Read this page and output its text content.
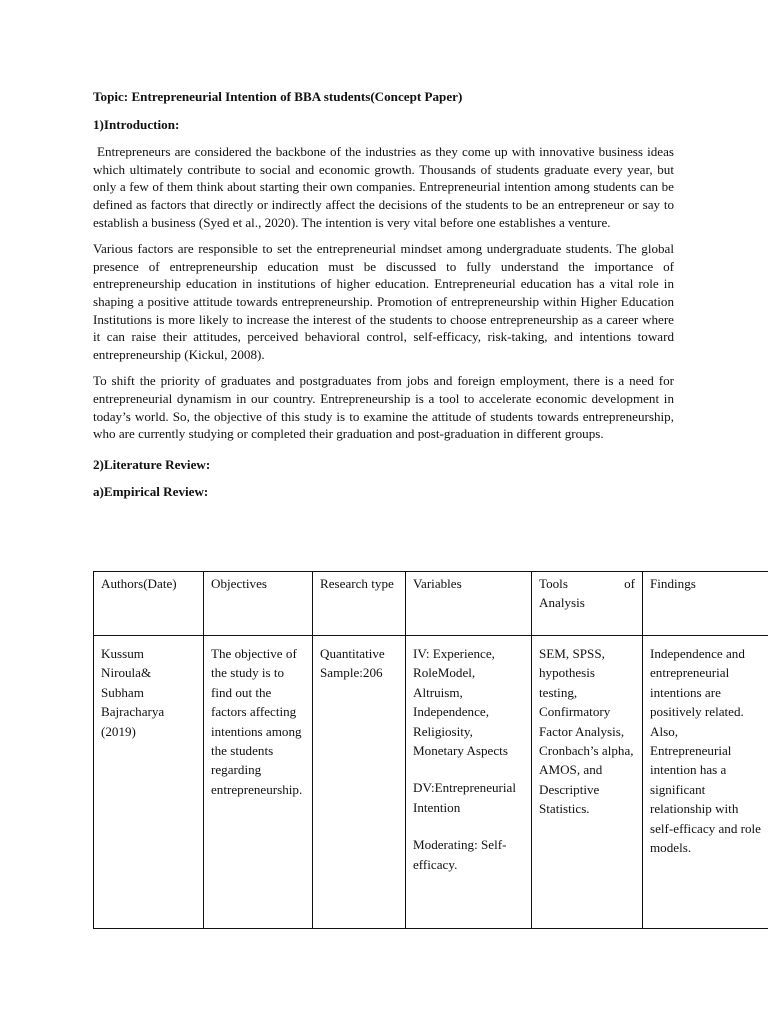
Topic: Entrepreneurial Intention of BBA students(Concept Paper)

1)Introduction:

Entrepreneurs are considered the backbone of the industries as they come up with innovative business ideas which ultimately contribute to social and economic growth. Thousands of students graduate every year, but only a few of them think about starting their own companies. Entrepreneurial intention among students can be defined as factors that directly or indirectly affect the decisions of the students to be an entrepreneur or say to establish a business (Syed et al., 2020). The intention is very vital before one establishes a venture.

Various factors are responsible to set the entrepreneurial mindset among undergraduate students. The global presence of entrepreneurship education must be discussed to fully understand the importance of entrepreneurship education in institutions of higher education. Entrepreneurial education has a vital role in shaping a positive attitude towards entrepreneurship. Promotion of entrepreneurship within Higher Education Institutions is more likely to increase the interest of the students to choose entrepreneurship as a career where it can raise their attitudes, perceived behavioral control, self-efficacy, risk-taking, and intentions toward entrepreneurship (Kickul, 2008).

To shift the priority of graduates and postgraduates from jobs and foreign employment, there is a need for entrepreneurial dynamism in our country. Entrepreneurship is a tool to accelerate economic development in today’s world. So, the objective of this study is to examine the attitude of students towards entrepreneurship, who are currently studying or completed their graduation and post-graduation in different groups.

2)Literature Review:

a)Empirical Review:

Authors(Date)	Objectives	Research type	Variables	Tools of
Analysis	Findings
Kussum Niroula& Subham Bajracharya (2019)	The objective of the study is to find out the factors affecting intentions among the students regarding entrepreneurship.	Quantitative Sample:206	IV: Experience, RoleModel, Altruism, Independence, Religiosity, Monetary Aspects
DV:Entrepreneurial Intention
Moderating: Self-efficacy.	SEM, SPSS, hypothesis testing, Confirmatory Factor Analysis, Cronbach’s alpha, AMOS, and Descriptive Statistics.	Independence and entrepreneurial intentions are positively related. Also, Entrepreneurial intention has a significant relationship with self-efficacy and role models.
